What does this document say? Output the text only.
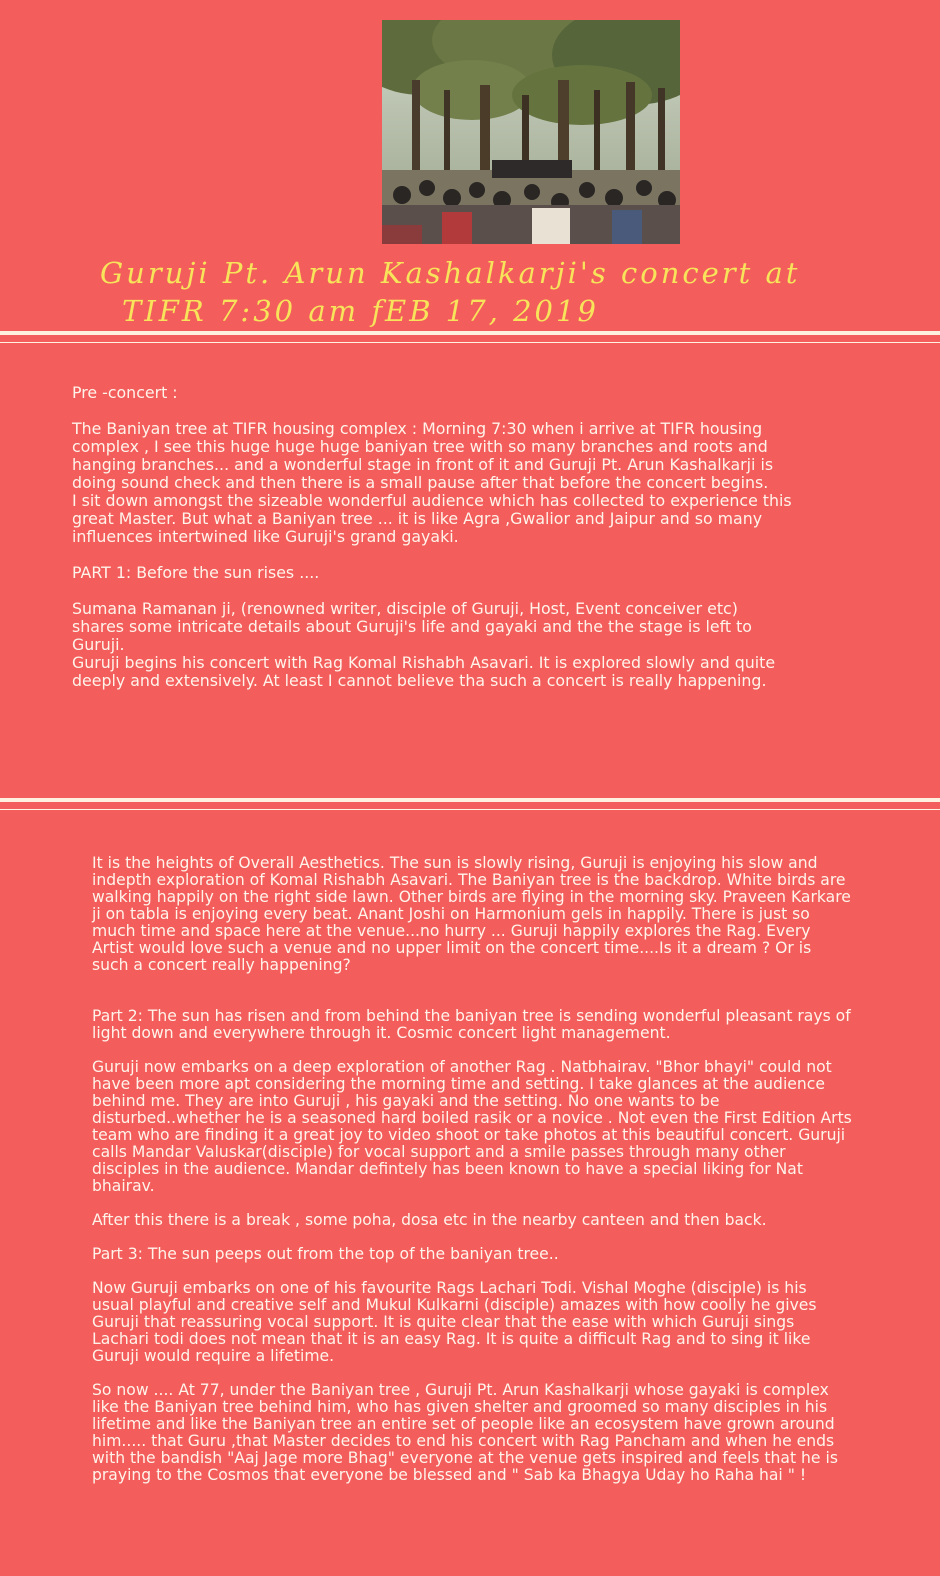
Guruji Pt. Arun Kashalkarji's concert at
TIFR 7:30 am fEB 17, 2019

Pre -concert :

The Baniyan tree at TIFR housing complex : Morning 7:30 when i arrive at TIFR housing complex , I see this huge huge huge baniyan tree with so many branches and roots and hanging branches... and a wonderful stage in front of it and Guruji Pt. Arun Kashalkarji is doing sound check and then there is a small pause after that before the concert begins.

I sit down amongst the sizeable wonderful audience which has collected to experience this great Master. But what a Baniyan tree ... it is like Agra ,Gwalior and Jaipur and so many influences intertwined like Guruji's grand gayaki.

PART 1: Before the sun rises ....

Sumana Ramanan ji, (renowned writer, disciple of Guruji, Host, Event conceiver etc) shares some intricate details about Guruji's life and gayaki and the the stage is left to Guruji.

Guruji begins his concert with Rag Komal Rishabh Asavari. It is explored slowly and quite deeply and extensively. At least I cannot believe tha such a concert is really happening.

It is the heights of Overall Aesthetics. The sun is slowly rising, Guruji is enjoying his slow and indepth exploration of Komal Rishabh Asavari. The Baniyan tree is the backdrop. White birds are walking happily on the right side lawn. Other birds are flying in the morning sky. Praveen Karkare ji on tabla is enjoying every beat. Anant Joshi on Harmonium gels in happily. There is just so much time and space here at the venue...no hurry ... Guruji happily explores the Rag. Every Artist would love such a venue and no upper limit on the concert time....Is it a dream ? Or is such a concert really happening?

Part 2: The sun has risen and from behind the baniyan tree is sending wonderful pleasant rays of light down and everywhere through it. Cosmic concert light management.

Guruji now embarks on a deep exploration of another Rag . Natbhairav. "Bhor bhayi" could not have been more apt considering the morning time and setting. I take glances at the audience behind me. They are into Guruji , his gayaki and the setting. No one wants to be disturbed..whether he is a seasoned hard boiled rasik or a novice . Not even the First Edition Arts team who are finding it a great joy to video shoot or take photos at this beautiful concert. Guruji calls Mandar Valuskar(disciple) for vocal support and a smile passes through many other disciples in the audience. Mandar defintely has been known to have a special liking for Nat bhairav.

After this there is a break , some poha, dosa etc in the nearby canteen and then back.

Part 3: The sun peeps out from the top of the baniyan tree..

Now Guruji embarks on one of his favourite Rags Lachari Todi. Vishal Moghe (disciple) is his usual playful and creative self and Mukul Kulkarni (disciple) amazes with how coolly he gives Guruji that reassuring vocal support. It is quite clear that the ease with which Guruji sings Lachari todi does not mean that it is an easy Rag. It is quite a difficult Rag and to sing it like Guruji would require a lifetime.

So now .... At 77, under the Baniyan tree , Guruji Pt. Arun Kashalkarji whose gayaki is complex like the Baniyan tree behind him, who has given shelter and groomed so many disciples in his lifetime and like the Baniyan tree an entire set of people like an ecosystem have grown around him..... that Guru ,that Master decides to end his concert with Rag Pancham and when he ends with the bandish "Aaj Jage more Bhag" everyone at the venue gets inspired and feels that he is praying to the Cosmos that everyone be blessed and " Sab ka Bhagya Uday ho Raha hai " !
